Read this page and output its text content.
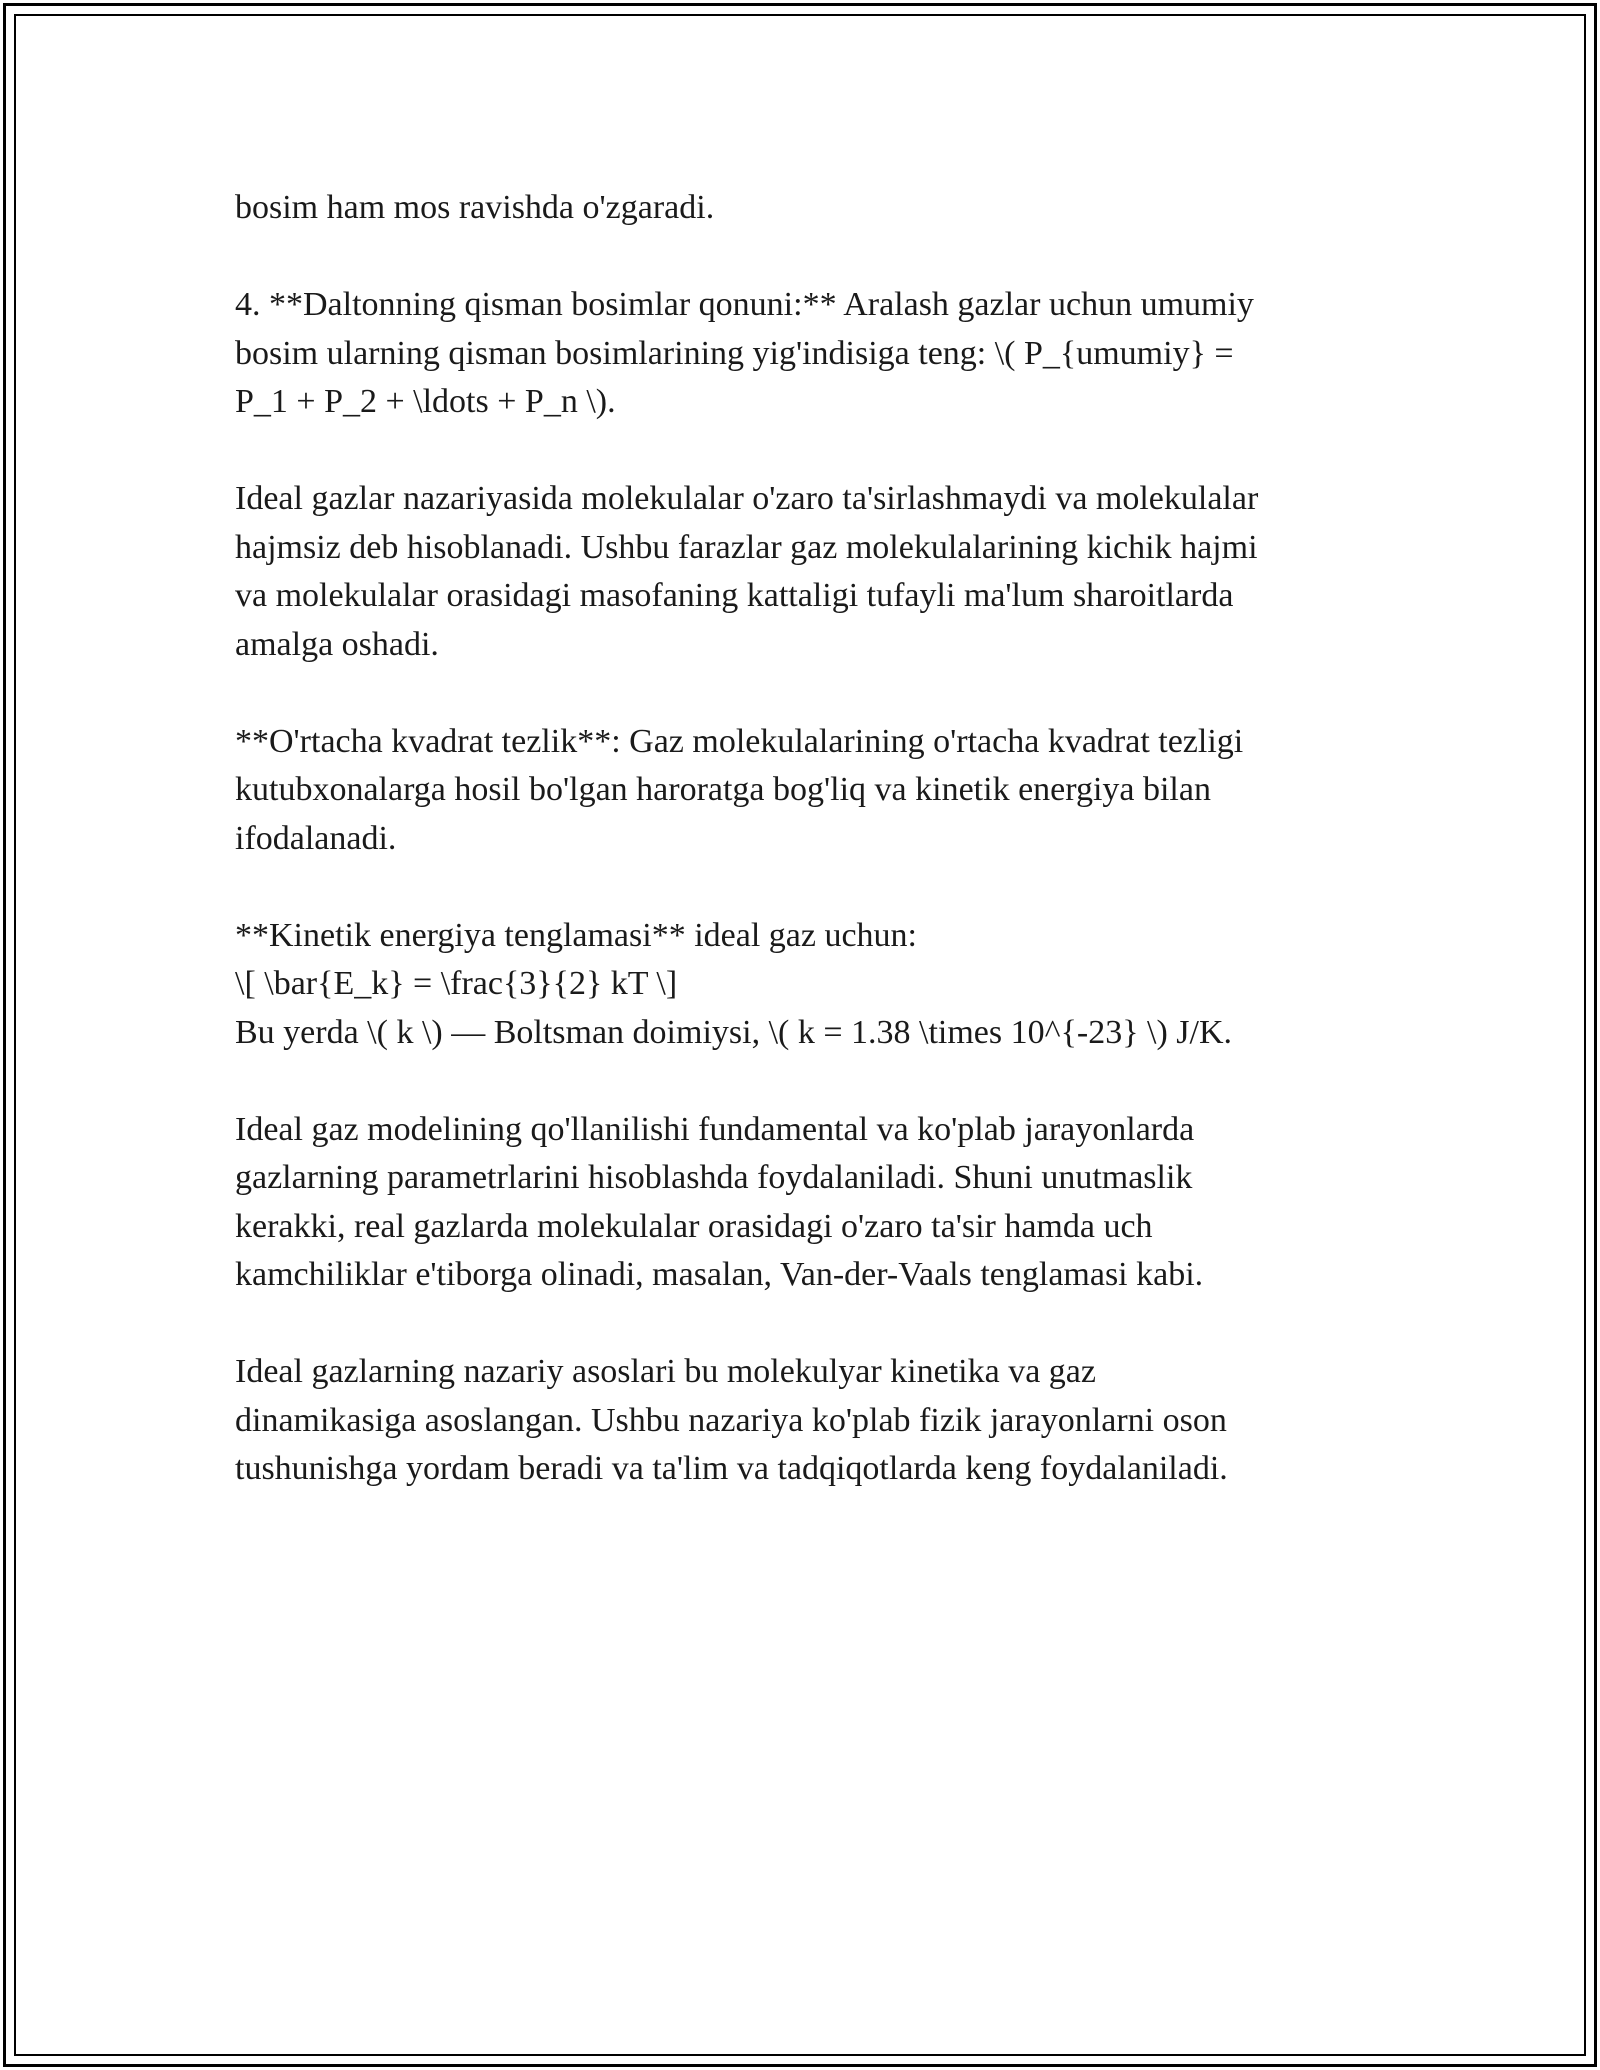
bosim ham mos ravishda o'zgaradi.

4. **Daltonning qisman bosimlar qonuni:** Aralash gazlar uchun umumiy
bosim ularning qisman bosimlarining yig'indisiga teng: \( P_{umumiy} =
P_1 + P_2 + \ldots + P_n \).

Ideal gazlar nazariyasida molekulalar o'zaro ta'sirlashmaydi va molekulalar
hajmsiz deb hisoblanadi. Ushbu farazlar gaz molekulalarining kichik hajmi
va molekulalar orasidagi masofaning kattaligi tufayli ma'lum sharoitlarda
amalga oshadi.

**O'rtacha kvadrat tezlik**: Gaz molekulalarining o'rtacha kvadrat tezligi
kutubxonalarga hosil bo'lgan haroratga bog'liq va kinetik energiya bilan
ifodalanadi.

**Kinetik energiya tenglamasi** ideal gaz uchun:
\[ \bar{E_k} = \frac{3}{2} kT \]
Bu yerda \( k \) — Boltsman doimiysi, \( k = 1.38 \times 10^{-23} \) J/K.

Ideal gaz modelining qo'llanilishi fundamental va ko'plab jarayonlarda
gazlarning parametrlarini hisoblashda foydalaniladi. Shuni unutmaslik
kerakki, real gazlarda molekulalar orasidagi o'zaro ta'sir hamda uch
kamchiliklar e'tiborga olinadi, masalan, Van-der-Vaals tenglamasi kabi.

Ideal gazlarning nazariy asoslari bu molekulyar kinetika va gaz
dinamikasiga asoslangan. Ushbu nazariya ko'plab fizik jarayonlarni oson
tushunishga yordam beradi va ta'lim va tadqiqotlarda keng foydalaniladi.
